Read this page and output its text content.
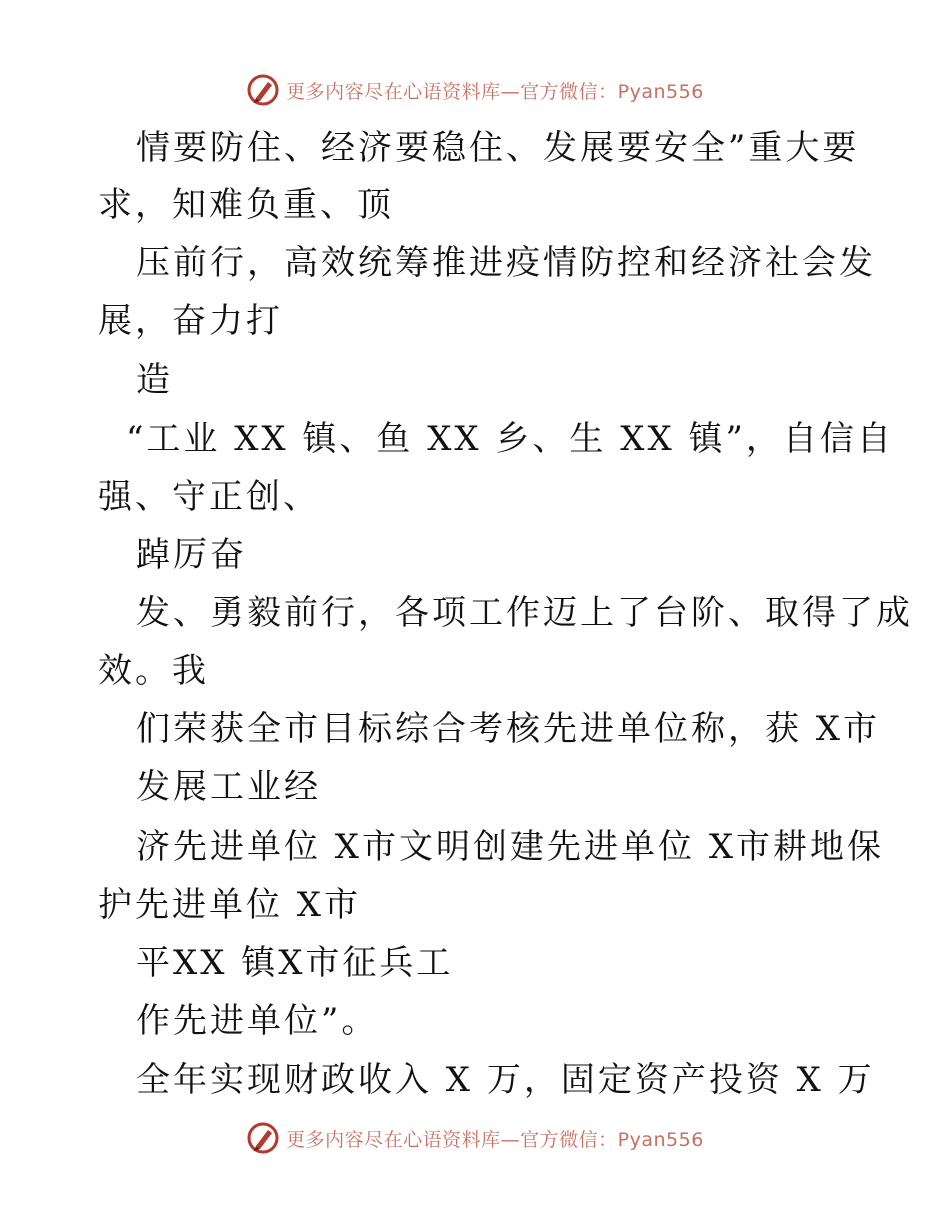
更多内容尽在心语资料库—官方微信：Pyan556
情要防住、经济要稳住、发展要安全”重大要
求，知难负重、顶
压前行，高效统筹推进疫情防控和经济社会发
展，奋力打
造
“工业 XX 镇、鱼 XX 乡、生 XX 镇”，自信自
强、守正创、
踔厉奋
发、勇毅前行，各项工作迈上了台阶、取得了成
效。我
们荣获全市目标综合考核先进单位称，获 X市
发展工业经
济先进单位 X市文明创建先进单位 X市耕地保
护先进单位 X市
平XX 镇X市征兵工
作先进单位”。
全年实现财政收入 X 万，固定资产投资 X 万
更多内容尽在心语资料库—官方微信：Pyan556
